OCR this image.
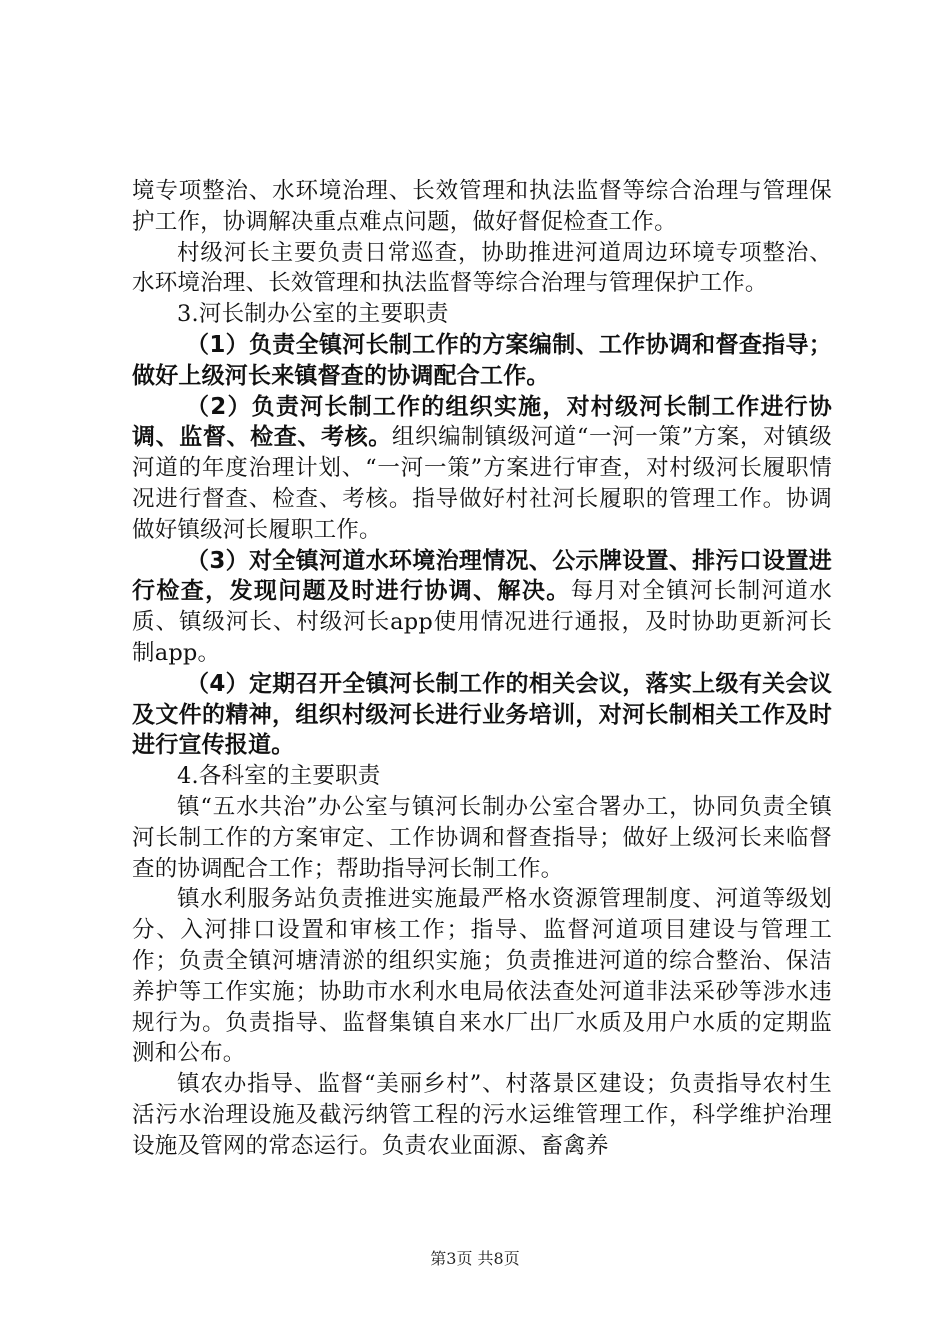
境专项整治、水环境治理、长效管理和执法监督等综合治理与管理保护工作，协调解决重点难点问题，做好督促检查工作。

村级河长主要负责日常巡查，协助推进河道周边环境专项整治、水环境治理、长效管理和执法监督等综合治理与管理保护工作。

3.河长制办公室的主要职责

（1）负责全镇河长制工作的方案编制、工作协调和督查指导；做好上级河长来镇督查的协调配合工作。

（2）负责河长制工作的组织实施，对村级河长制工作进行协调、监督、检查、考核。组织编制镇级河道“一河一策”方案，对镇级河道的年度治理计划、“一河一策”方案进行审查，对村级河长履职情况进行督查、检查、考核。指导做好村社河长履职的管理工作。协调做好镇级河长履职工作。

（3）对全镇河道水环境治理情况、公示牌设置、排污口设置进行检查，发现问题及时进行协调、解决。每月对全镇河长制河道水质、镇级河长、村级河长app使用情况进行通报，及时协助更新河长制app。

（4）定期召开全镇河长制工作的相关会议，落实上级有关会议及文件的精神，组织村级河长进行业务培训，对河长制相关工作及时进行宣传报道。

4.各科室的主要职责

镇“五水共治”办公室与镇河长制办公室合署办工，协同负责全镇河长制工作的方案审定、工作协调和督查指导；做好上级河长来临督查的协调配合工作；帮助指导河长制工作。

镇水利服务站负责推进实施最严格水资源管理制度、河道等级划分、入河排口设置和审核工作；指导、监督河道项目建设与管理工作；负责全镇河塘清淤的组织实施；负责推进河道的综合整治、保洁养护等工作实施；协助市水利水电局依法查处河道非法采砂等涉水违规行为。负责指导、监督集镇自来水厂出厂水质及用户水质的定期监测和公布。

镇农办指导、监督“美丽乡村”、村落景区建设；负责指导农村生活污水治理设施及截污纳管工程的污水运维管理工作，科学维护治理设施及管网的常态运行。负责农业面源、畜禽养

第3页 共8页
